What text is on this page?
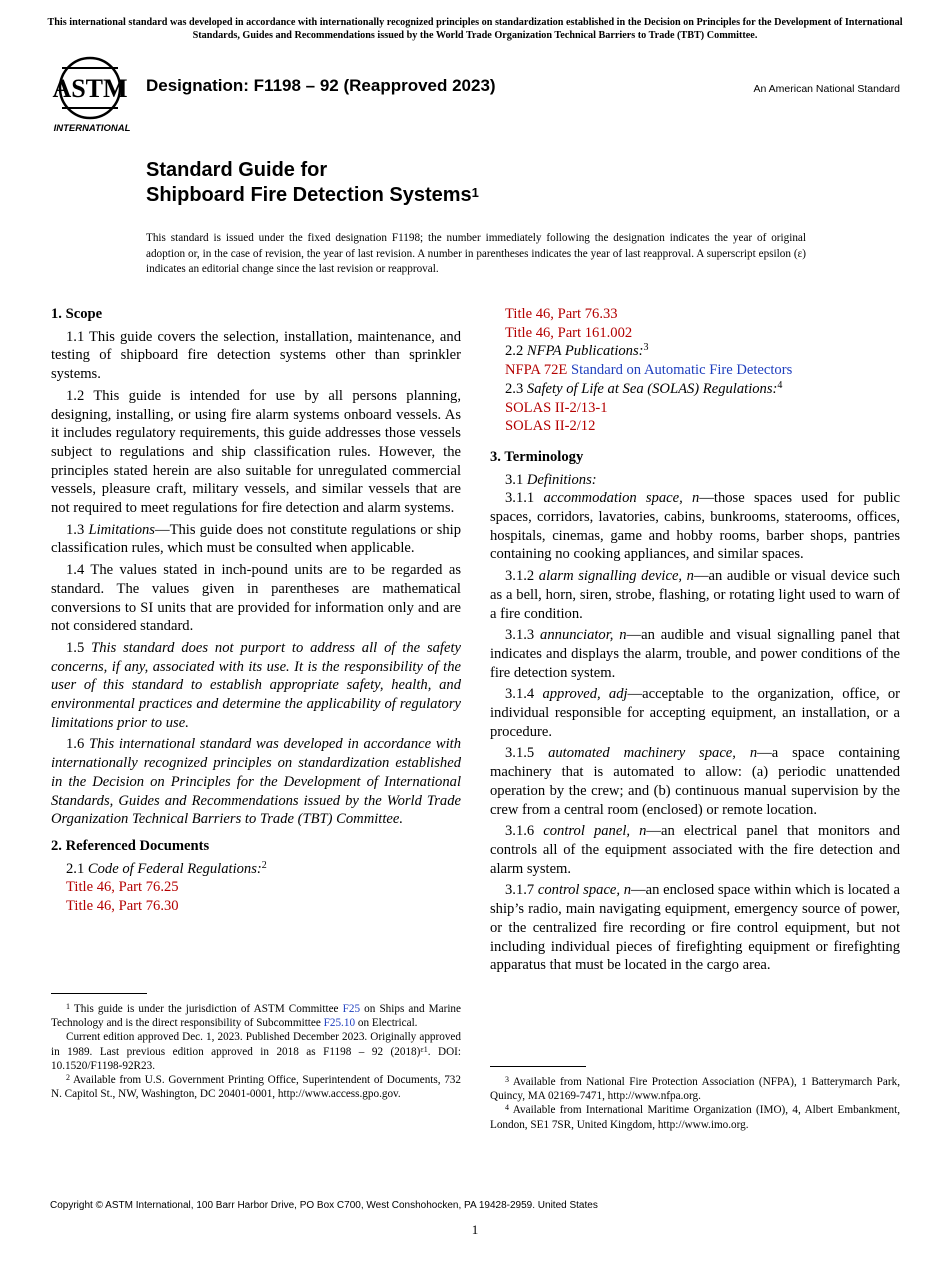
This international standard was developed in accordance with internationally recognized principles on standardization established in the Decision on Principles for the Development of International Standards, Guides and Recommendations issued by the World Trade Organization Technical Barriers to Trade (TBT) Committee.
ASTM
INTERNATIONAL
Designation: F1198 – 92 (Reapproved 2023)	An American National Standard
Standard Guide for
Shipboard Fire Detection Systems$^1$
This standard is issued under the fixed designation F1198; the number immediately following the designation indicates the year of original adoption or, in the case of revision, the year of last revision. A number in parentheses indicates the year of last reapproval. A superscript epsilon (ε) indicates an editorial change since the last revision or reapproval.
1. Scope

1.1 This guide covers the selection, installation, maintenance, and testing of shipboard fire detection systems other than sprinkler systems.

1.2 This guide is intended for use by all persons planning, designing, installing, or using fire alarm systems onboard vessels. As it includes regulatory requirements, this guide addresses those vessels subject to regulations and ship classification rules. However, the principles stated herein are also suitable for unregulated commercial vessels, pleasure craft, military vessels, and similar vessels that are not required to meet regulations for fire detection and alarm systems.

1.3 Limitations—This guide does not constitute regulations or ship classification rules, which must be consulted when applicable.

1.4 The values stated in inch-pound units are to be regarded as standard. The values given in parentheses are mathematical conversions to SI units that are provided for information only and are not considered standard.

1.5 This standard does not purport to address all of the safety concerns, if any, associated with its use. It is the responsibility of the user of this standard to establish appropriate safety, health, and environmental practices and determine the applicability of regulatory limitations prior to use.

1.6 This international standard was developed in accordance with internationally recognized principles on standardization established in the Decision on Principles for the Development of International Standards, Guides and Recommendations issued by the World Trade Organization Technical Barriers to Trade (TBT) Committee.

2. Referenced Documents
2.1 Code of Federal Regulations:$^2$
Title 46, Part 76.25
Title 46, Part 76.30

$^1$ This guide is under the jurisdiction of ASTM Committee F25 on Ships and Marine Technology and is the direct responsibility of Subcommittee F25.10 on Electrical.

Current edition approved Dec. 1, 2023. Published December 2023. Originally approved in 1989. Last previous edition approved in 2018 as F1198 – 92 $(2018)^{\varepsilon 1}$. DOI: 10.1520/F1198-92R23.

$^2$ Available from U.S. Government Printing Office, Superintendent of Documents, 732 N. Capitol St., NW, Washington, DC 20401-0001, http://www.access.gpo.gov.

Title 46, Part 76.33
Title 46, Part 161.002
2.2 NFPA Publications:$^3$
NFPA 72E Standard on Automatic Fire Detectors
2.3 Safety of Life at Sea (SOLAS) Regulations:$^4$
SOLAS II-2/13-1
SOLAS II-2/12
3. Terminology
3.1 Definitions:

3.1.1 accommodation space, n—those spaces used for public spaces, corridors, lavatories, cabins, bunkrooms, staterooms, offices, hospitals, cinemas, game and hobby rooms, barber shops, pantries containing no cooking appliances, and similar spaces.

3.1.2 alarm signalling device, n—an audible or visual device such as a bell, horn, siren, strobe, flashing, or rotating light used to warn of a fire condition.

3.1.3 annunciator, n—an audible and visual signalling panel that indicates and displays the alarm, trouble, and power conditions of the fire detection system.

3.1.4 approved, adj—acceptable to the organization, office, or individual responsible for accepting equipment, an installation, or a procedure.

3.1.5 automated machinery space, n—a space containing machinery that is automated to allow: (a) periodic unattended operation by the crew; and (b) continuous manual supervision by the crew from a central room (enclosed) or remote location.

3.1.6 control panel, n—an electrical panel that monitors and controls all of the equipment associated with the fire detection and alarm system.

3.1.7 control space, n—an enclosed space within which is located a ship’s radio, main navigating equipment, emergency source of power, or the centralized fire recording or fire control equipment, but not including individual pieces of firefighting equipment or firefighting apparatus that must be located in the cargo area.

$^3$ Available from National Fire Protection Association (NFPA), 1 Batterymarch Park, Quincy, MA 02169-7471, http://www.nfpa.org.

$^4$ Available from International Maritime Organization (IMO), 4, Albert Embankment, London, SE1 7SR, United Kingdom, http://www.imo.org.

Copyright © ASTM International, 100 Barr Harbor Drive, PO Box C700, West Conshohocken, PA 19428-2959. United States
1
